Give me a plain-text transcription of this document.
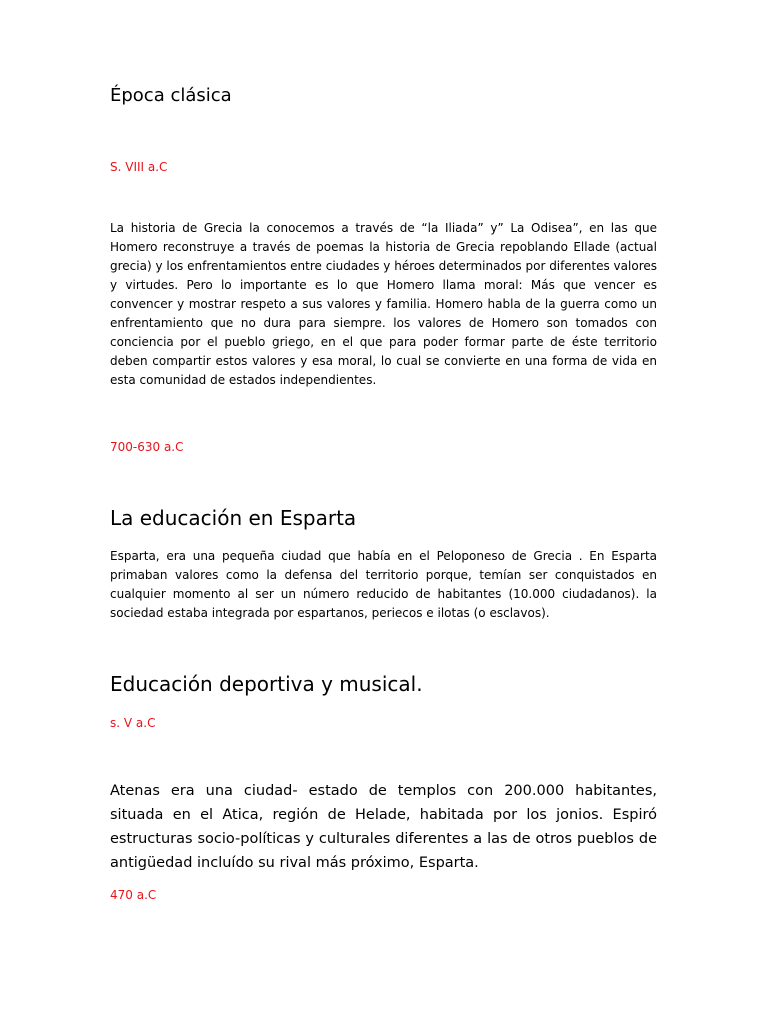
Época clásica

S. VIII a.C

La historia de Grecia la conocemos a través de “la Iliada” y” La Odisea”, en las que Homero reconstruye a través de poemas la historia de Grecia repoblando Ellade (actual grecia) y los enfrentamientos entre ciudades y héroes determinados por diferentes valores y virtudes. Pero lo importante es lo que Homero llama moral: Más que vencer es convencer y mostrar respeto a sus valores y familia. Homero habla de la guerra como un enfrentamiento que no dura para siempre. los valores de Homero son tomados con conciencia por el pueblo griego, en el que para poder formar parte de éste territorio deben compartir estos valores y esa moral, lo cual se convierte en una forma de vida en esta comunidad de estados independientes.

700-630 a.C

La educación en Esparta

Esparta, era una pequeña ciudad que había en el Peloponeso de Grecia . En Esparta primaban valores como la defensa del territorio porque, temían ser conquistados en cualquier momento al ser un número reducido de habitantes (10.000 ciudadanos). la sociedad estaba integrada por espartanos, periecos e ilotas (o esclavos).

Educación deportiva y musical.

s. V a.C

Atenas era una ciudad- estado de templos con 200.000 habitantes, situada en el Atica, región de Helade, habitada por los jonios. Espiró estructuras socio-políticas y culturales diferentes a las de otros pueblos de antigüedad incluído su rival más próximo, Esparta.

470 a.C
